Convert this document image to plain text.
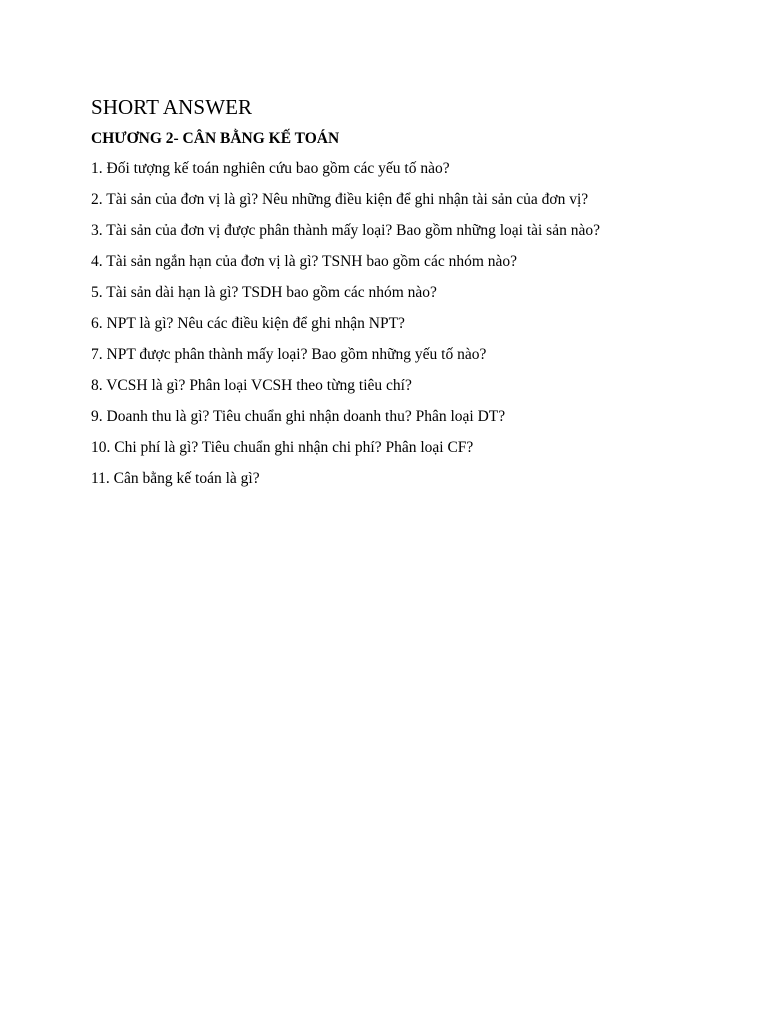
SHORT ANSWER
CHƯƠNG 2- CÂN BẰNG KẾ TOÁN
1. Đối tượng kế toán nghiên cứu bao gồm các yếu tố nào?
2. Tài sản của đơn vị là gì? Nêu những điều kiện để ghi nhận tài sản của đơn vị?
3. Tài sản của đơn vị được phân thành mấy loại? Bao gồm những loại tài sản nào?
4. Tài sản ngắn hạn của đơn vị là gì? TSNH bao gồm các nhóm nào?
5. Tài sản dài hạn là gì? TSDH bao gồm các nhóm nào?
6. NPT là gì? Nêu các điều kiện để ghi nhận NPT?
7. NPT được phân thành mấy loại? Bao gồm những yếu tố nào?
8. VCSH là gì? Phân loại VCSH theo từng tiêu chí?
9. Doanh thu là gì? Tiêu chuẩn ghi nhận doanh thu? Phân loại DT?
10. Chi phí là gì? Tiêu chuẩn ghi nhận chi phí? Phân loại CF?
11. Cân bằng kế toán là gì?
